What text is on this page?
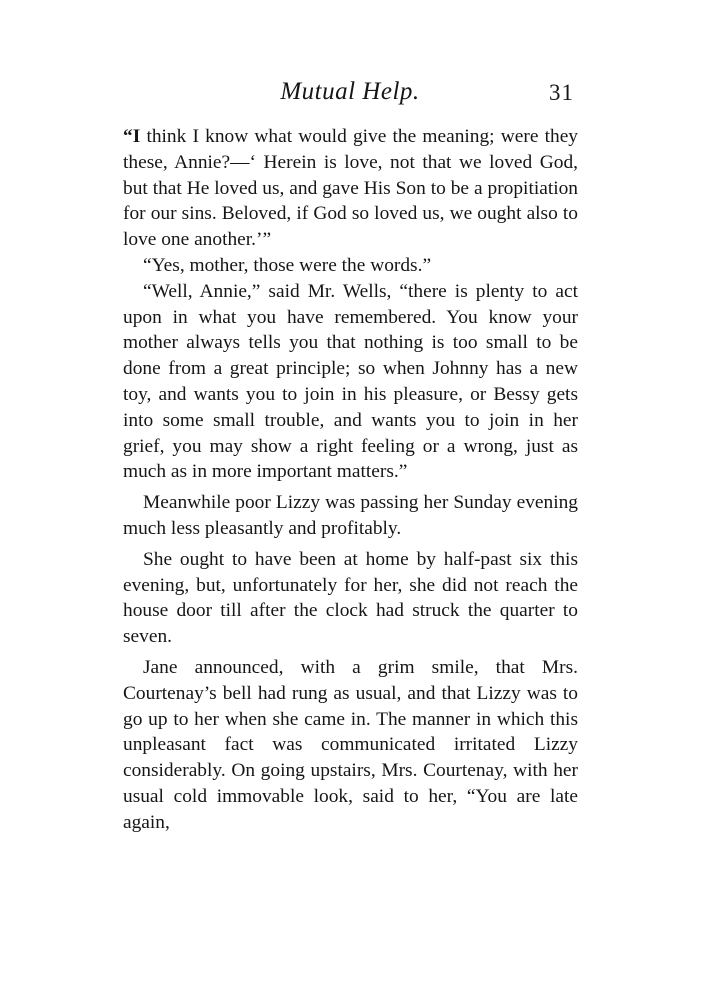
Mutual Help.	31

“I think I know what would give the meaning; were they these, Annie?—‘ Herein is love, not that we loved God, but that He loved us, and gave His Son to be a propitiation for our sins. Beloved, if God so loved us, we ought also to love one another.’”

“Yes, mother, those were the words.”

“Well, Annie,” said Mr. Wells, “there is plenty to act upon in what you have remembered. You know your mother always tells you that nothing is too small to be done from a great principle; so when Johnny has a new toy, and wants you to join in his pleasure, or Bessy gets into some small trouble, and wants you to join in her grief, you may show a right feeling or a wrong, just as much as in more important matters.”

Meanwhile poor Lizzy was passing her Sunday evening much less pleasantly and profitably.

She ought to have been at home by half-past six this evening, but, unfortunately for her, she did not reach the house door till after the clock had struck the quarter to seven.

Jane announced, with a grim smile, that Mrs. Courtenay’s bell had rung as usual, and that Lizzy was to go up to her when she came in. The manner in which this unpleasant fact was communicated irritated Lizzy considerably. On going upstairs, Mrs. Courtenay, with her usual cold immovable look, said to her, “You are late again,
